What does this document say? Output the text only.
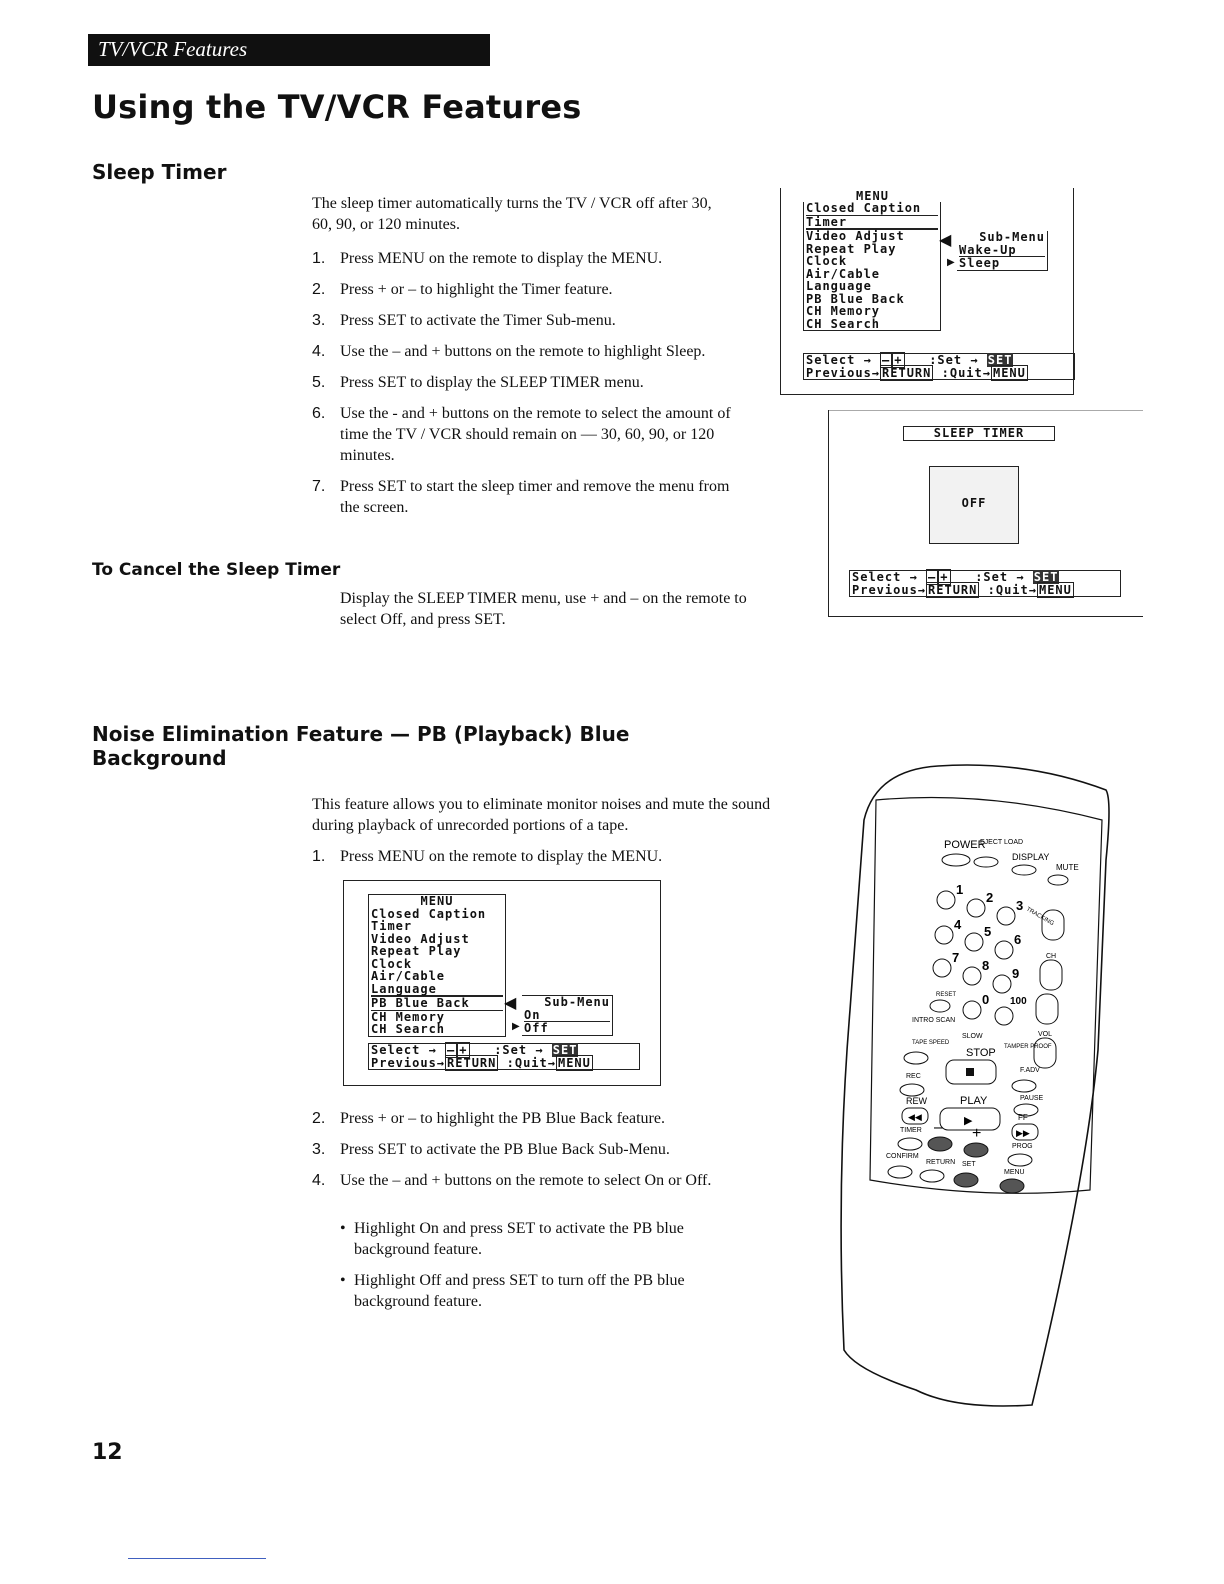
TV/VCR Features
Using the TV/VCR Features
Sleep Timer
The sleep timer automatically turns the TV / VCR off after 30, 60, 90, or 120 minutes.
1. Press MENU on the remote to display the MENU.
2. Press + or – to highlight the Timer feature.
3. Press SET to activate the Timer Sub-menu.
4. Use the – and + buttons on the remote to highlight Sleep.
5. Press SET to display the SLEEP TIMER menu.
6. Use the - and + buttons on the remote to select the amount of time the TV / VCR should remain on — 30, 60, 90, or 120 minutes.
7. Press SET to start the sleep timer and remove the menu from the screen.
To Cancel the Sleep Timer
Display the SLEEP TIMER menu, use + and – on the remote to select Off, and press SET.
MENU
Closed Caption
Timer
Video Adjust
Repeat Play
Clock
Air/Cable
Language
PB Blue Back
CH Memory
CH Search
◀	Sub-Menu
Wake-Up
Sleep
▶
Select → – + :Set → SET
Previous→ RETURN :Quit→ MENU
SLEEP TIMER
OFF
Select → – + :Set → SET
Previous→ RETURN :Quit→ MENU
Noise Elimination Feature — PB (Playback) Blue
Background
This feature allows you to eliminate monitor noises and mute the sound during playback of unrecorded portions of a tape.
1. Press MENU on the remote to display the MENU.
MENU
Closed Caption
Timer
Video Adjust
Repeat Play
Clock
Air/Cable
Language
PB Blue Back
CH Memory
CH Search
◀	Sub-Menu
On
Off
▶
Select → – + :Set → SET
Previous→ RETURN :Quit→ MENU
2. Press + or – to highlight the PB Blue Back feature.
3. Press SET to activate the PB Blue Back Sub-Menu.
4. Use the – and + buttons on the remote to select On or Off.
• Highlight On and press SET to activate the PB blue background feature.
• Highlight Off and press SET to turn off the PB blue background feature.
POWER
EJECT LOAD
DISPLAY
MUTE
1
2
3
4 5
6
7
8
9
0 100
RESET
CH
VOL
TRACKING
INTRO SCAN
SLOW
TAMPER PROOF
TAPE SPEED
STOP
F.ADV
REC
PAUSE
REW
◀◀
PLAY
▶	FF
▶▶
TIMER – +
PROG
CONFIRM
RETURN SET
MENU
12
